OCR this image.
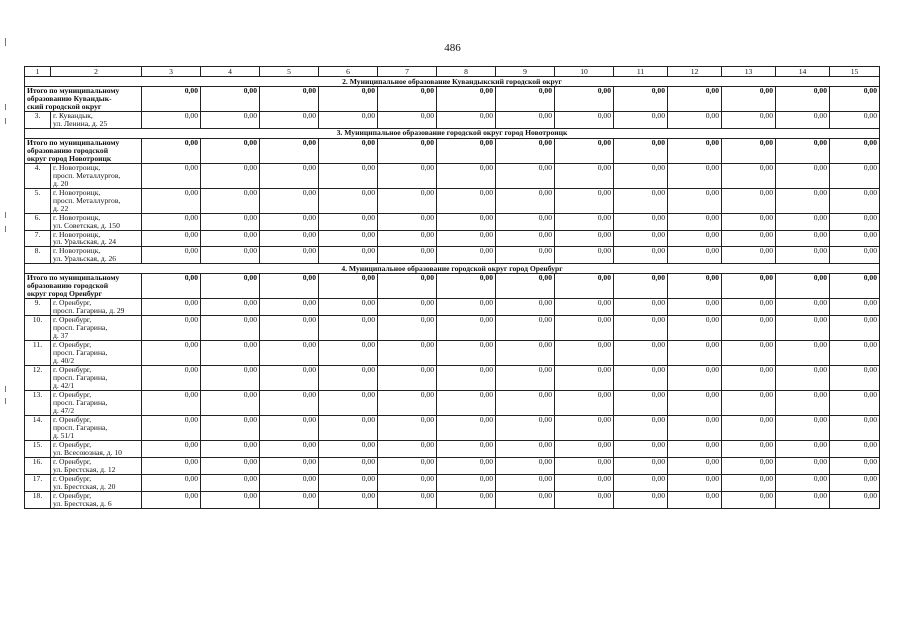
486
1	2	3	4	5	6	7	8	9	10	11	12	13	14	15
2. Муниципальное образование Кувандыкский городской округ														
Итого по муниципальному
образованию Кувандык-
ский городской округ		0,00	0,00	0,00	0,00	0,00	0,00	0,00	0,00	0,00	0,00	0,00	0,00	0,00
3.	г. Кувандык,
ул. Ленина, д. 25	0,00	0,00	0,00	0,00	0,00	0,00	0,00	0,00	0,00	0,00	0,00	0,00	0,00
3. Муниципальное образование городской округ город Новотроицк														
Итого по муниципальному
образованию городской
округ город Новотроицк		0,00	0,00	0,00	0,00	0,00	0,00	0,00	0,00	0,00	0,00	0,00	0,00	0,00
4.	г. Новотроицк,
просп. Металлургов,
д. 20	0,00	0,00	0,00	0,00	0,00	0,00	0,00	0,00	0,00	0,00	0,00	0,00	0,00
5.	г. Новотроицк,
просп. Металлургов,
д. 22	0,00	0,00	0,00	0,00	0,00	0,00	0,00	0,00	0,00	0,00	0,00	0,00	0,00
6.	г. Новотроицк,
ул. Советская, д. 150	0,00	0,00	0,00	0,00	0,00	0,00	0,00	0,00	0,00	0,00	0,00	0,00	0,00
7.	г. Новотроицк,
ул. Уральская, д. 24	0,00	0,00	0,00	0,00	0,00	0,00	0,00	0,00	0,00	0,00	0,00	0,00	0,00
8.	г. Новотроицк,
ул. Уральская, д. 26	0,00	0,00	0,00	0,00	0,00	0,00	0,00	0,00	0,00	0,00	0,00	0,00	0,00
4. Муниципальное образование городской округ город Оренбург														
Итого по муниципальному
образованию городской
округ город Оренбург		0,00	0,00	0,00	0,00	0,00	0,00	0,00	0,00	0,00	0,00	0,00	0,00	0,00
9.	г. Оренбург,
просп. Гагарина, д. 29	0,00	0,00	0,00	0,00	0,00	0,00	0,00	0,00	0,00	0,00	0,00	0,00	0,00
10.	г. Оренбург,
просп. Гагарина,
д. 37	0,00	0,00	0,00	0,00	0,00	0,00	0,00	0,00	0,00	0,00	0,00	0,00	0,00
11.	г. Оренбург,
просп. Гагарина,
д. 40/2	0,00	0,00	0,00	0,00	0,00	0,00	0,00	0,00	0,00	0,00	0,00	0,00	0,00
12.	г. Оренбург,
просп. Гагарина,
д. 42/1	0,00	0,00	0,00	0,00	0,00	0,00	0,00	0,00	0,00	0,00	0,00	0,00	0,00
13.	г. Оренбург,
просп. Гагарина,
д. 47/2	0,00	0,00	0,00	0,00	0,00	0,00	0,00	0,00	0,00	0,00	0,00	0,00	0,00
14.	г. Оренбург,
просп. Гагарина,
д. 51/1	0,00	0,00	0,00	0,00	0,00	0,00	0,00	0,00	0,00	0,00	0,00	0,00	0,00
15.	г. Оренбург,
ул. Всесоюзная, д. 10	0,00	0,00	0,00	0,00	0,00	0,00	0,00	0,00	0,00	0,00	0,00	0,00	0,00
16.	г. Оренбург,
ул. Брестская, д. 12	0,00	0,00	0,00	0,00	0,00	0,00	0,00	0,00	0,00	0,00	0,00	0,00	0,00
17.	г. Оренбург,
ул. Брестская, д. 20	0,00	0,00	0,00	0,00	0,00	0,00	0,00	0,00	0,00	0,00	0,00	0,00	0,00
18.	г. Оренбург,
ул. Брестская, д. 6	0,00	0,00	0,00	0,00	0,00	0,00	0,00	0,00	0,00	0,00	0,00	0,00	0,00
